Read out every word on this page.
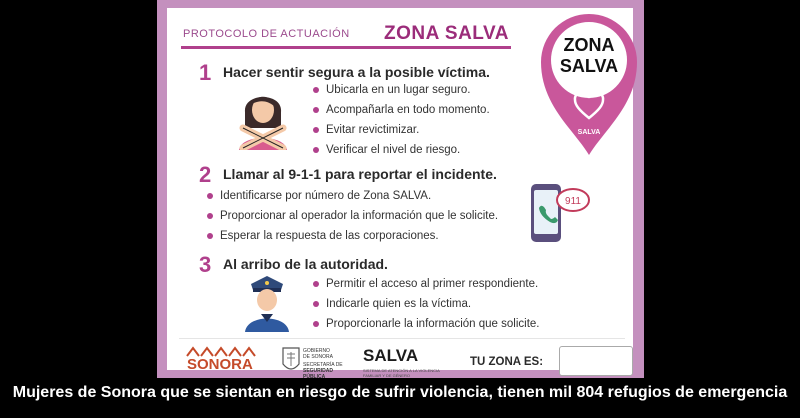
PROTOCOLO DE ACTUACIÓN ZONA SALVA
ZONA
SALVA
SALVA
1 Hacer sentir segura a la posible víctima.
Ubicarla en un lugar seguro.
Acompañarla en todo momento.
Evitar revictimizar.
Verificar el nivel de riesgo.
2 Llamar al 9-1-1 para reportar el incidente.
Identificarse por número de Zona SALVA.
Proporcionar al operador la información que le solicite.
Esperar la respuesta de las corporaciones.
911
3 Al arribo de la autoridad.
Permitir el acceso al primer respondiente.
Indicarle quien es la víctima.
Proporcionarle la información que solicite.
SONORA
GOBIERNO
DE SONORA
SECRETARÍA DE
SEGURIDAD PÚBLICA
SALVA
SISTEMA DE ATENCIÓN A LA VIOLENCIA FAMILIAR Y DE GÉNERO
TU ZONA ES:
Mujeres de Sonora que se sientan en riesgo de sufrir violencia, tienen mil 804 refugios de emergencia
